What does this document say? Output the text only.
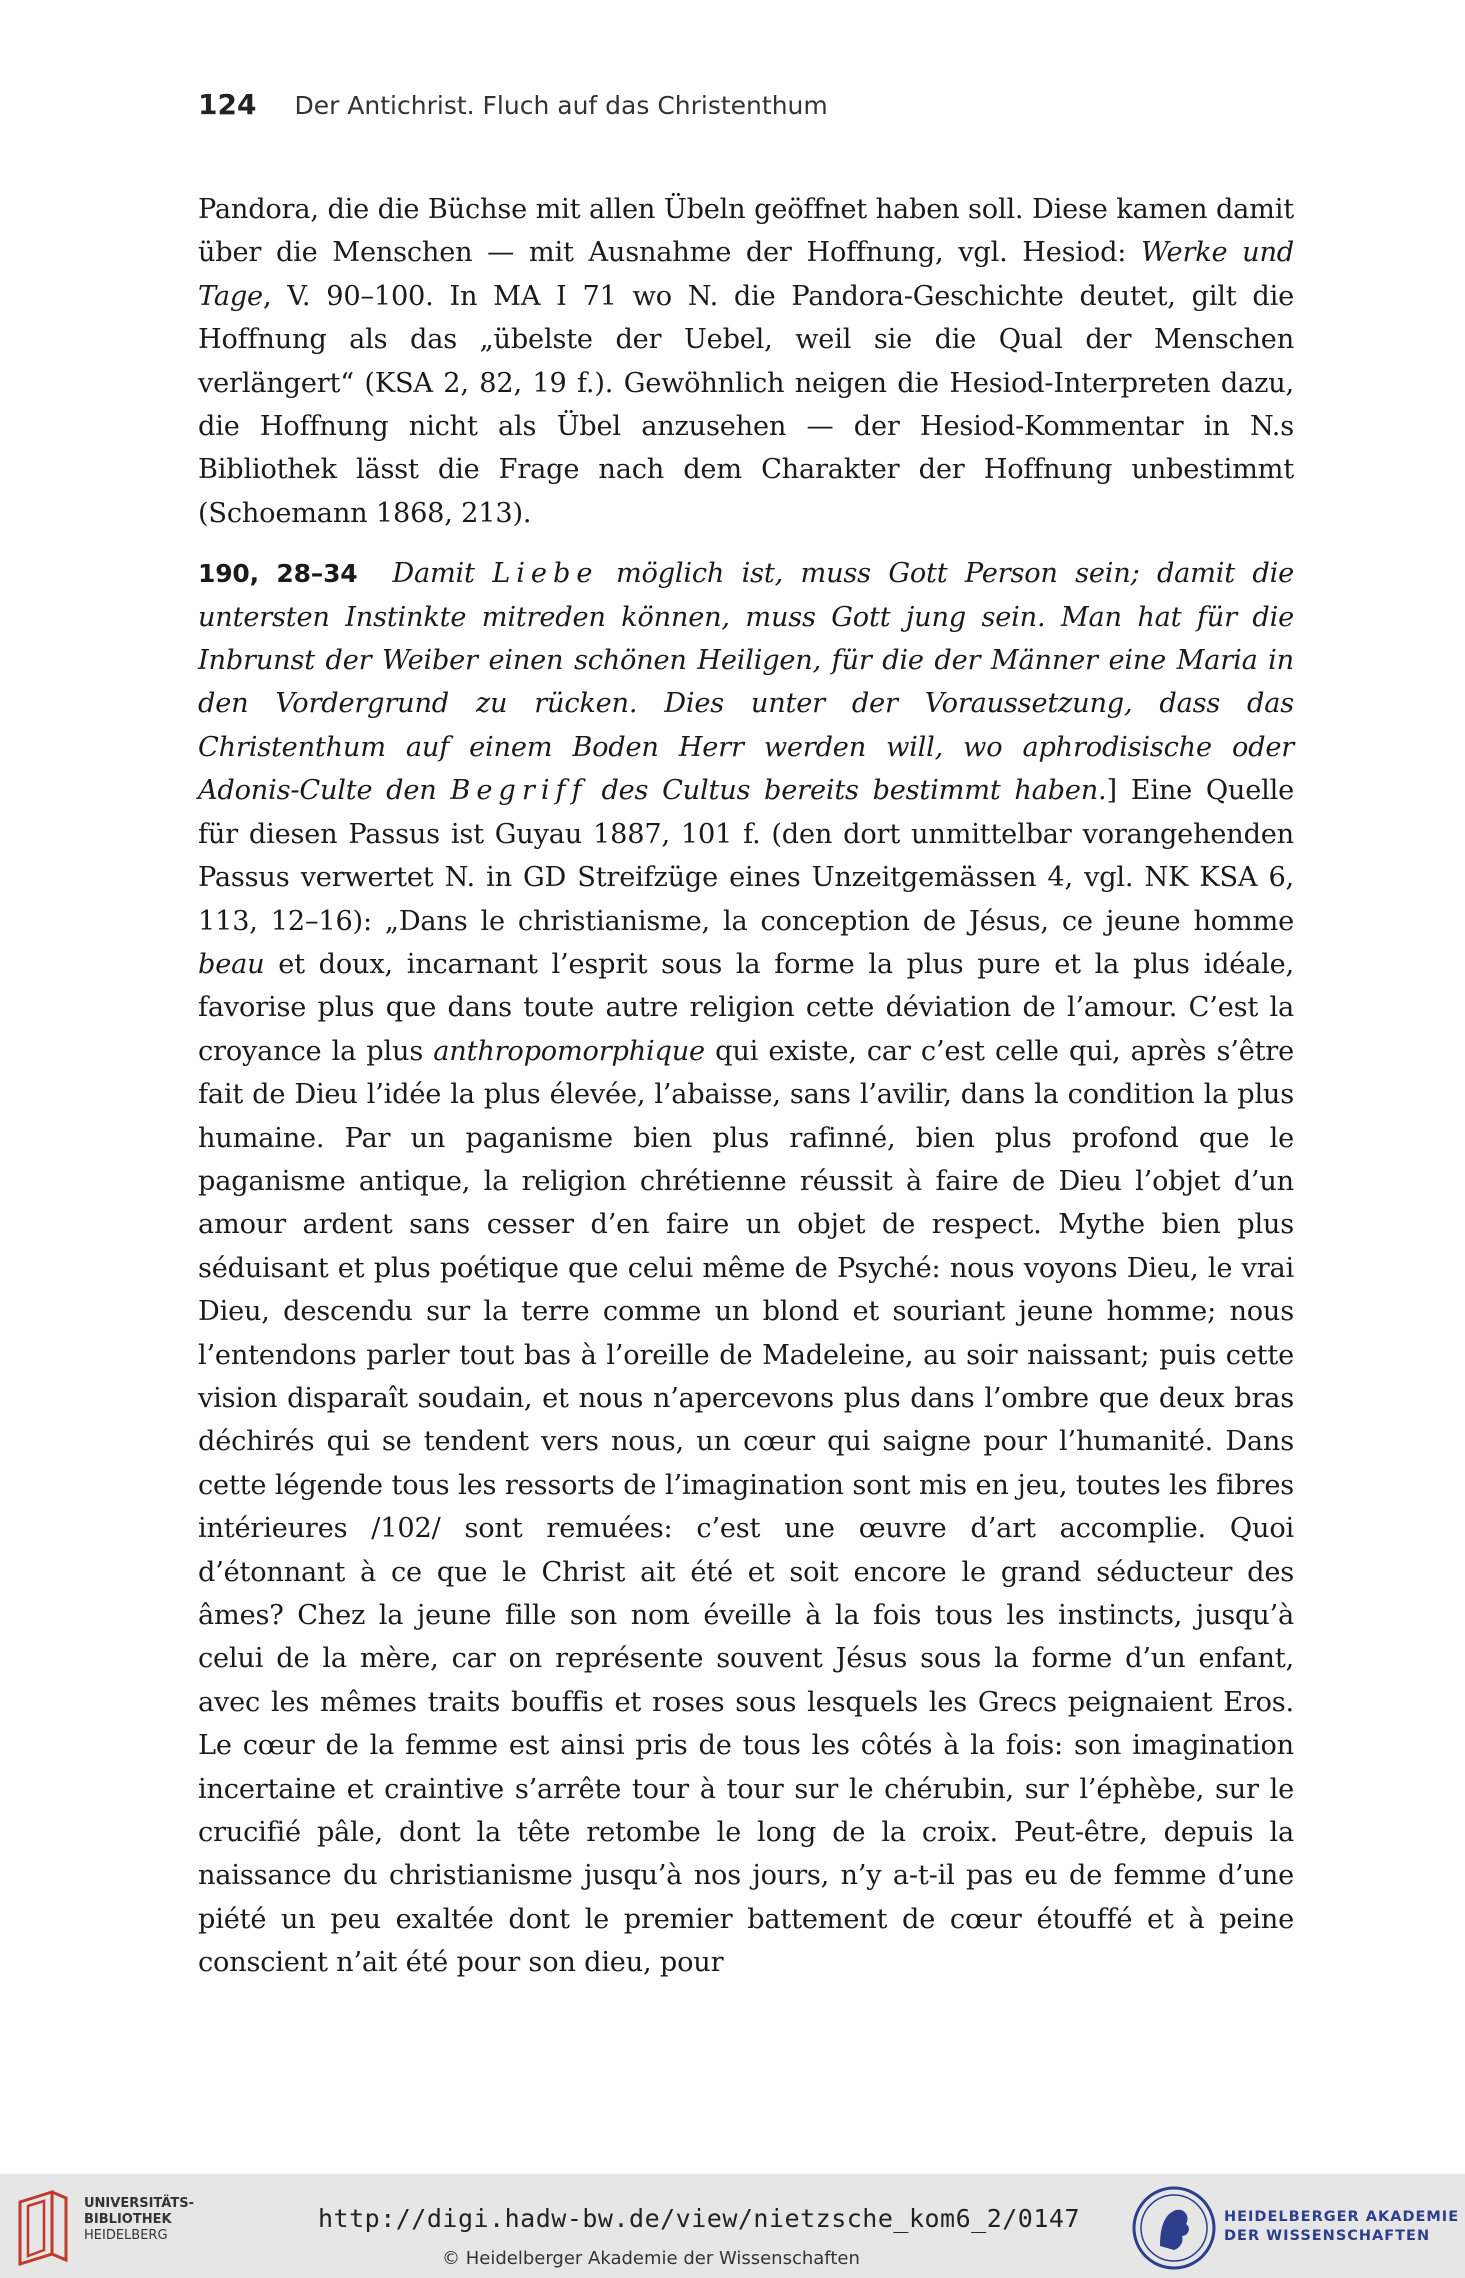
124 Der Antichrist. Fluch auf das Christenthum

Pandora, die die Büchse mit allen Übeln geöffnet haben soll. Diese kamen damit über die Menschen — mit Ausnahme der Hoffnung, vgl. Hesiod: Werke und Tage, V. 90–100. In MA I 71 wo N. die Pandora-Geschichte deutet, gilt die Hoffnung als das „übelste der Uebel, weil sie die Qual der Menschen verlängert“ (KSA 2, 82, 19 f.). Gewöhnlich neigen die Hesiod-Interpreten dazu, die Hoffnung nicht als Übel anzusehen — der Hesiod-Kommentar in N.s Bibliothek lässt die Frage nach dem Charakter der Hoffnung unbestimmt (Schoemann 1868, 213).

190, 28–34 Damit Liebe möglich ist, muss Gott Person sein; damit die untersten Instinkte mitreden können, muss Gott jung sein. Man hat für die Inbrunst der Weiber einen schönen Heiligen, für die der Männer eine Maria in den Vordergrund zu rücken. Dies unter der Voraussetzung, dass das Christenthum auf einem Boden Herr werden will, wo aphrodisische oder Adonis-Culte den Begriff des Cultus bereits bestimmt haben.] Eine Quelle für diesen Passus ist Guyau 1887, 101 f. (den dort unmittelbar vorangehenden Passus verwertet N. in GD Streifzüge eines Unzeitgemässen 4, vgl. NK KSA 6, 113, 12–16): „Dans le christianisme, la conception de Jésus, ce jeune homme beau et doux, incarnant l’esprit sous la forme la plus pure et la plus idéale, favorise plus que dans toute autre religion cette déviation de l’amour. C’est la croyance la plus anthropomorphique qui existe, car c’est celle qui, après s’être fait de Dieu l’idée la plus élevée, l’abaisse, sans l’avilir, dans la condition la plus humaine. Par un paganisme bien plus rafinné, bien plus profond que le paganisme antique, la religion chrétienne réussit à faire de Dieu l’objet d’un amour ardent sans cesser d’en faire un objet de respect. Mythe bien plus séduisant et plus poétique que celui même de Psyché: nous voyons Dieu, le vrai Dieu, descendu sur la terre comme un blond et souriant jeune homme; nous l’entendons parler tout bas à l’oreille de Madeleine, au soir naissant; puis cette vision disparaît soudain, et nous n’apercevons plus dans l’ombre que deux bras déchirés qui se tendent vers nous, un cœur qui saigne pour l’humanité. Dans cette légende tous les ressorts de l’imagination sont mis en jeu, toutes les fibres intérieures /102/ sont remuées: c’est une œuvre d’art accomplie. Quoi d’étonnant à ce que le Christ ait été et soit encore le grand séducteur des âmes? Chez la jeune fille son nom éveille à la fois tous les instincts, jusqu’à celui de la mère, car on représente souvent Jésus sous la forme d’un enfant, avec les mêmes traits bouffis et roses sous lesquels les Grecs peignaient Eros. Le cœur de la femme est ainsi pris de tous les côtés à la fois: son imagination incertaine et craintive s’arrête tour à tour sur le chérubin, sur l’éphèbe, sur le crucifié pâle, dont la tête retombe le long de la croix. Peut-être, depuis la naissance du christianisme jusqu’à nos jours, n’y a-t-il pas eu de femme d’une piété un peu exaltée dont le premier battement de cœur étouffé et à peine conscient n’ait été pour son dieu, pour

UNIVERSITÄTS-
BIBLIOTHEK
HEIDELBERG
http://digi.hadw-bw.de/view/nietzsche_kom6_2/0147
© Heidelberger Akademie der Wissenschaften
HEIDELBERGER AKADEMIE
DER WISSENSCHAFTEN
